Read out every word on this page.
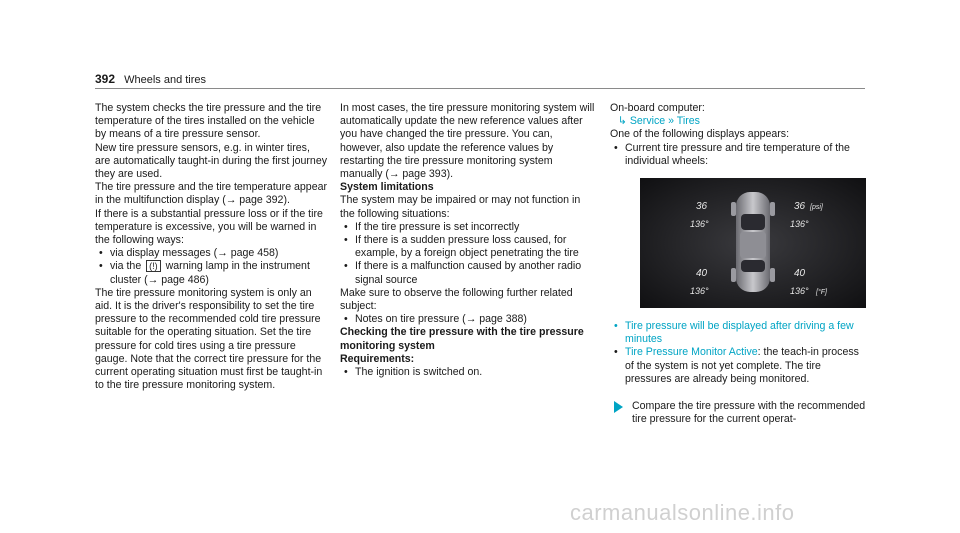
392 Wheels and tires

The system checks the tire pressure and the tire temperature of the tires installed on the vehicle by means of a tire pressure sensor.

New tire pressure sensors, e.g. in winter tires, are automatically taught-in during the first journey they are used.

The tire pressure and the tire temperature appear in the multifunction display (→ page 392).

If there is a substantial pressure loss or if the tire temperature is excessive, you will be warned in the following ways:

• via display messages (→ page 458)
• via the (!) warning lamp in the instrument cluster (→ page 486)

The tire pressure monitoring system is only an aid. It is the driver's responsibility to set the tire pressure to the recommended cold tire pressure suitable for the operating situation. Set the tire pressure for cold tires using a tire pressure gauge. Note that the correct tire pressure for the current operating situation must first be taught-in to the tire pressure monitoring system.

In most cases, the tire pressure monitoring system will automatically update the new reference values after you have changed the tire pressure. You can, however, also update the reference values by restarting the tire pressure monitoring system manually (→ page 393).

System limitations

The system may be impaired or may not function in the following situations:

• If the tire pressure is set incorrectly
• If there is a sudden pressure loss caused, for example, by a foreign object penetrating the tire
• If there is a malfunction caused by another radio signal source

Make sure to observe the following further related subject:

• Notes on tire pressure (→ page 388)

Checking the tire pressure with the tire pressure monitoring system

Requirements:

• The ignition is switched on.

On-board computer:

↳ Service » Tires

One of the following displays appears:

• Current tire pressure and tire temperature of the individual wheels:
36	36 [psi]
136°	136°
40	40
136°	136° [°F]
• Tire pressure will be displayed after driving a few minutes
• Tire Pressure Monitor Active: the teach-in process of the system is not yet complete. The tire pressures are already being monitored.

Compare the tire pressure with the recommended tire pressure for the current operat-

carmanualsonline.info
